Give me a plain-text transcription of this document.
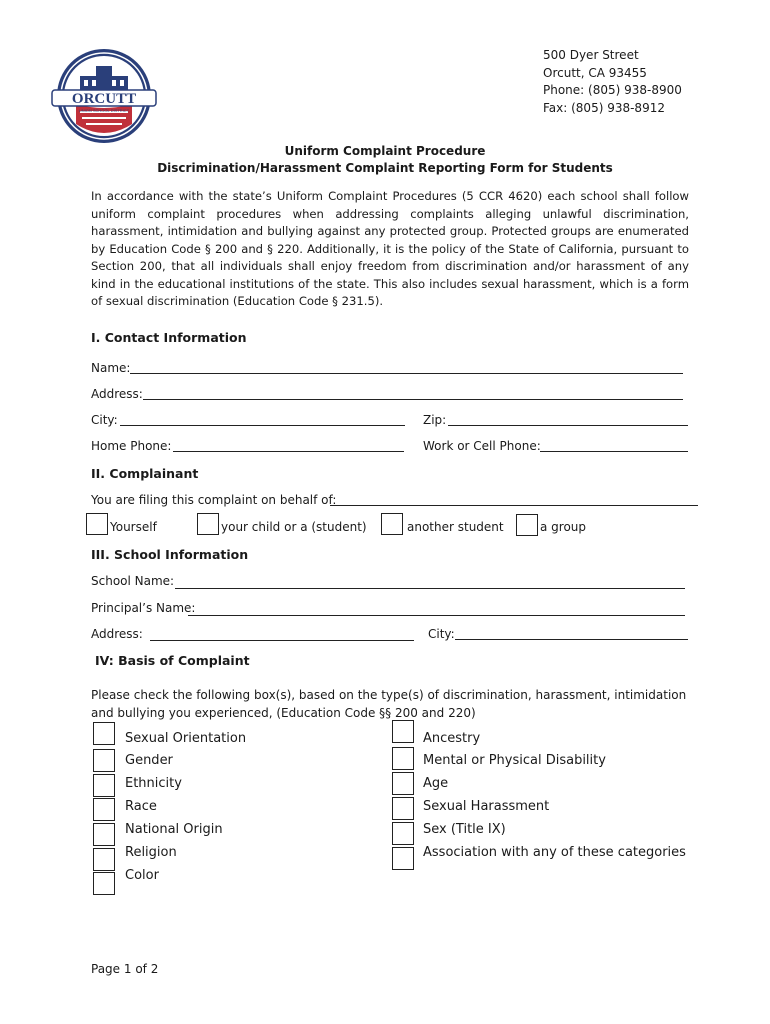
ORCUTT
UNION SCHOOL DISTRICT
500 Dyer Street
Orcutt, CA 93455
Phone: (805) 938-8900
Fax: (805) 938-8912
Uniform Complaint Procedure
Discrimination/Harassment Complaint Reporting Form for Students
In accordance with the state’s Uniform Complaint Procedures (5 CCR 4620) each school shall follow uniform complaint procedures when addressing complaints alleging unlawful discrimination, harassment, intimidation and bullying against any protected group. Protected groups are enumerated by Education Code § 200 and § 220. Additionally, it is the policy of the State of California, pursuant to Section 200, that all individuals shall enjoy freedom from discrimination and/or harassment of any kind in the educational institutions of the state. This also includes sexual harassment, which is a form of sexual discrimination (Education Code § 231.5).
I. Contact Information
Name:
Address:
City:	Zip:
Home Phone:	Work or Cell Phone:
II. Complainant
You are filing this complaint on behalf of:
Yourself	your child or a (student)	another student	a group
III. School Information
School Name:
Principal’s Name:
Address:	City:
IV: Basis of Complaint
Please check the following box(s), based on the type(s) of discrimination, harassment, intimidation and bullying you experienced, (Education Code §§ 200 and 220)
Sexual Orientation
Gender
Ethnicity
Race
National Origin
Religion
Color
Ancestry
Mental or Physical Disability
Age
Sexual Harassment
Sex (Title IX)
Association with any of these categories
Page 1 of 2
